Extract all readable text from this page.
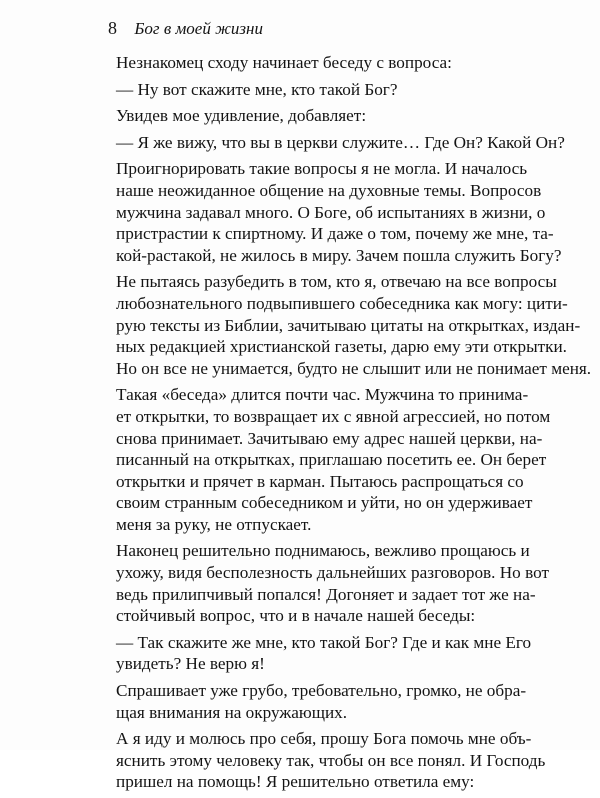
8 Бог в моей жизни
Незнакомец сходу начинает беседу с вопроса:
— Ну вот скажите мне, кто такой Бог?
Увидев мое удивление, добавляет:
— Я же вижу, что вы в церкви служите… Где Он? Какой Он?
Проигнорировать такие вопросы я не могла. И началось
наше неожиданное общение на духовные темы. Вопросов
мужчина задавал много. О Боге, об испытаниях в жизни, о
пристрастии к спиртному. И даже о том, почему же мне, та-
кой-растакой, не жилось в миру. Зачем пошла служить Богу?
Не пытаясь разубедить в том, кто я, отвечаю на все вопросы
любознательного подвыпившего собеседника как могу: цити-
рую тексты из Библии, зачитываю цитаты на открытках, издан-
ных редакцией христианской газеты, дарю ему эти открытки.
Но он все не унимается, будто не слышит или не понимает меня.
Такая «беседа» длится почти час. Мужчина то принима-
ет открытки, то возвращает их с явной агрессией, но потом
снова принимает. Зачитываю ему адрес нашей церкви, на-
писанный на открытках, приглашаю посетить ее. Он берет
открытки и прячет в карман. Пытаюсь распрощаться со
своим странным собеседником и уйти, но он удерживает
меня за руку, не отпускает.
Наконец решительно поднимаюсь, вежливо прощаюсь и
ухожу, видя бесполезность дальнейших разговоров. Но вот
ведь прилипчивый попался! Догоняет и задает тот же на-
стойчивый вопрос, что и в начале нашей беседы:
— Так скажите же мне, кто такой Бог? Где и как мне Его
увидеть? Не верю я!
Спрашивает уже грубо, требовательно, громко, не обра-
щая внимания на окружающих.
А я иду и молюсь про себя, прошу Бога помочь мне объ-
яснить этому человеку так, чтобы он все понял. И Господь
пришел на помощь! Я решительно ответила ему:
